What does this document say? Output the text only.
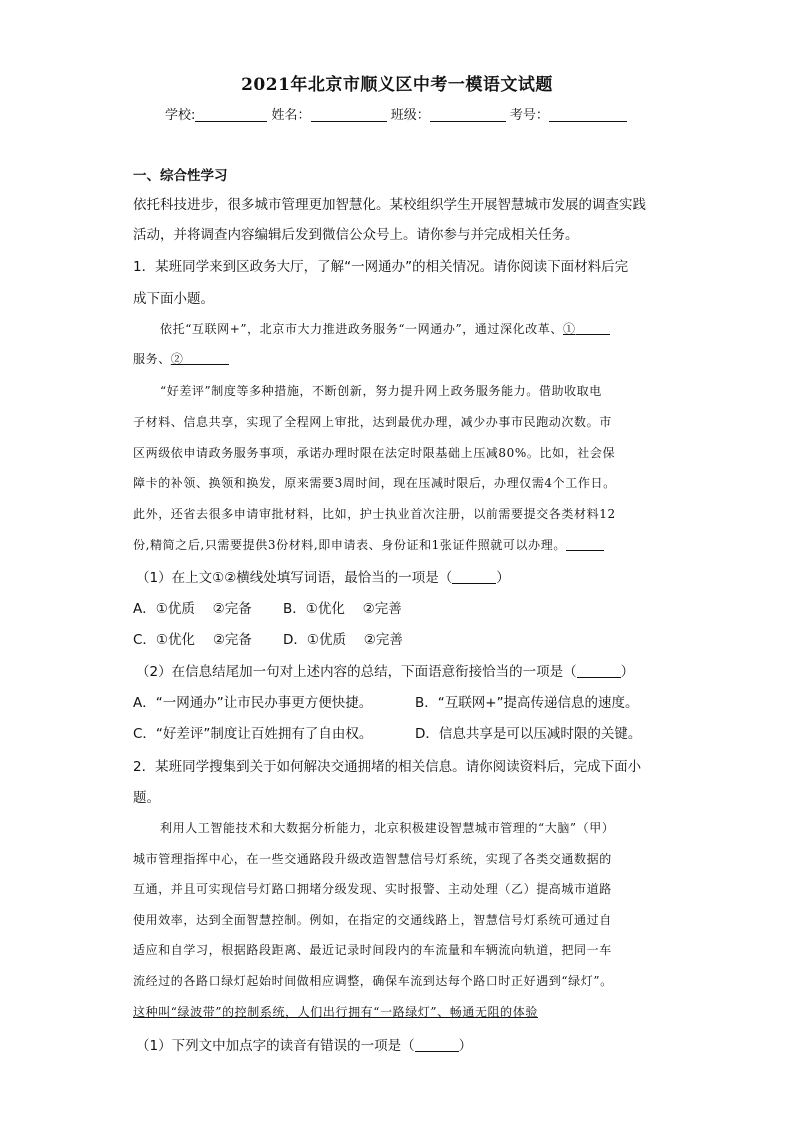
2021年北京市顺义区中考一模语文试题
学校:	姓名：	班级：	考号：
一、综合性学习
依托科技进步，很多城市管理更加智慧化。某校组织学生开展智慧城市发展的调查实践
活动，并将调查内容编辑后发到微信公众号上。请你参与并完成相关任务。
1．某班同学来到区政务大厅，了解“一网通办”的相关情况。请你阅读下面材料后完
成下面小题。
依托“互联网+”，北京市大力推进政务服务“一网通办”，通过深化改革、①
服务、②
“好差评”制度等多种措施，不断创新，努力提升网上政务服务能力。借助收取电
子材料、信息共享，实现了全程网上审批，达到最优办理，减少办事市民跑动次数。市
区两级依申请政务服务事项，承诺办理时限在法定时限基础上压减80%。比如，社会保
障卡的补领、换领和换发，原来需要3周时间，现在压减时限后，办理仅需4个工作日。
此外，还省去很多申请审批材料，比如，护士执业首次注册，以前需要提交各类材料12
份,精简之后,只需要提供3份材料,即申请表、身份证和1张证件照就可以办理。
（1）在上文①②横线处填写词语，最恰当的一项是（	）
A．①优质　 ②完备 B．①优化　 ②完善
C．①优化　 ②完备 D．①优质　 ②完善
（2）在信息结尾加一句对上述内容的总结，下面语意衔接恰当的一项是（	）
A．“一网通办”让市民办事更方便快捷。	B．“互联网+”提高传递信息的速度。
C．“好差评”制度让百姓拥有了自由权。	D．信息共享是可以压减时限的关键。
2．某班同学搜集到关于如何解决交通拥堵的相关信息。请你阅读资料后，完成下面小
题。
利用人工智能技术和大数据分析能力，北京积极建设智慧城市管理的“大脑”（甲）
城市管理指挥中心，在一些交通路段升级改造智慧信号灯系统，实现了各类交通数据的
互通，并且可实现信号灯路口拥堵分级发现、实时报警、主动处理（乙）提高城市道路
使用效率，达到全面智慧控制。例如，在指定的交通线路上，智慧信号灯系统可通过自
适应和自学习，根据路段距离、最近记录时间段内的车流量和车辆流向轨道，把同一车
流经过的各路口绿灯起始时间做相应调整，确保车流到达每个路口时正好遇到“绿灯”。
这种叫“绿波带”的控制系统，人们出行拥有“一路绿灯”、畅通无阻的体验
（1）下列文中加点字的读音有错误的一项是（	）
